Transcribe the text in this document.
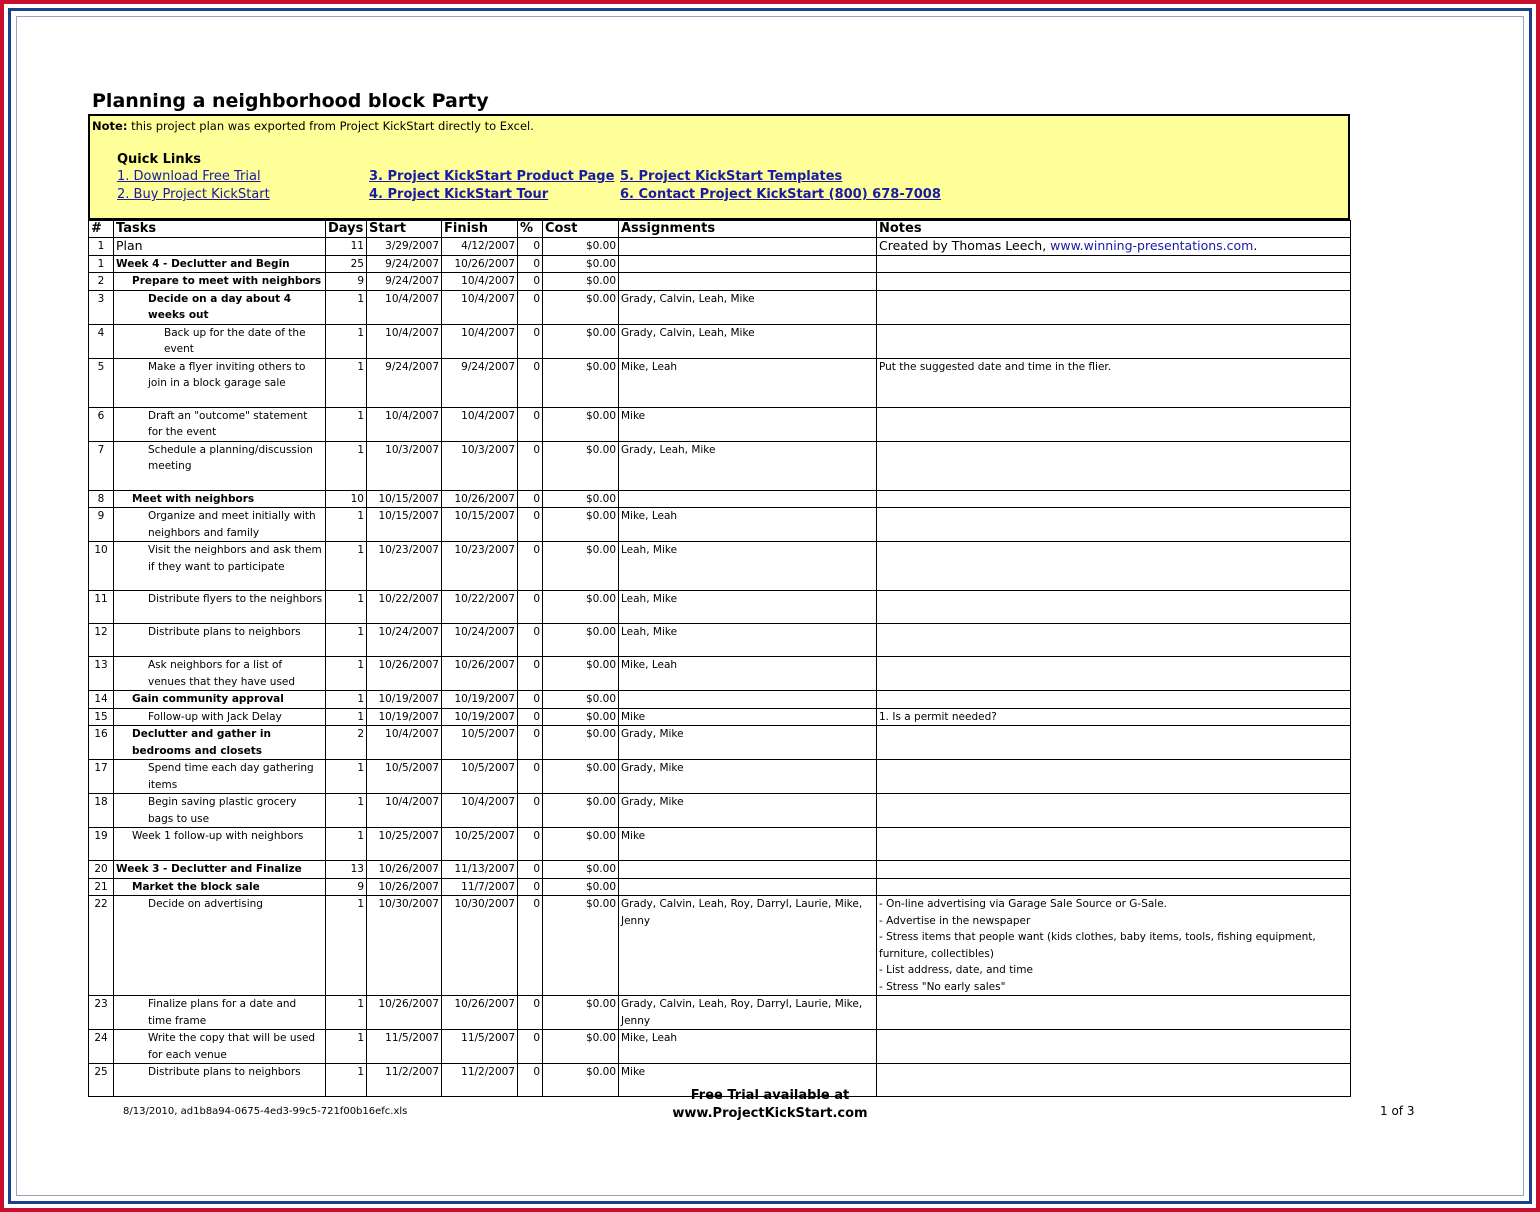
Planning a neighborhood block Party
Note: this project plan was exported from Project KickStart directly to Excel.
Quick Links
1. Download Free Trial
2. Buy Project KickStart
3. Project KickStart Product Page
4. Project KickStart Tour
5. Project KickStart Templates
6. Contact Project KickStart (800) 678-7008
#	Tasks	Days	Start	Finish	%	Cost	Assignments	Notes
1	Plan	11	3/29/2007	4/12/2007	0	$0.00		Created by Thomas Leech, www.winning-presentations.com.
1	Week 4 - Declutter and Begin	25	9/24/2007	10/26/2007	0	$0.00		
2	Prepare to meet with neighbors	9	9/24/2007	10/4/2007	0	$0.00		
3	Decide on a day about 4 weeks out	1	10/4/2007	10/4/2007	0	$0.00	Grady, Calvin, Leah, Mike	
4	Back up for the date of the event	1	10/4/2007	10/4/2007	0	$0.00	Grady, Calvin, Leah, Mike	
5	Make a flyer inviting others to join in a block garage sale	1	9/24/2007	9/24/2007	0	$0.00	Mike, Leah	Put the suggested date and time in the flier.
6	Draft an "outcome" statement for the event	1	10/4/2007	10/4/2007	0	$0.00	Mike	
7	Schedule a planning/discussion meeting	1	10/3/2007	10/3/2007	0	$0.00	Grady, Leah, Mike	
8	Meet with neighbors	10	10/15/2007	10/26/2007	0	$0.00		
9	Organize and meet initially with neighbors and family	1	10/15/2007	10/15/2007	0	$0.00	Mike, Leah	
10	Visit the neighbors and ask them if they want to participate	1	10/23/2007	10/23/2007	0	$0.00	Leah, Mike	
11	Distribute flyers to the neighbors	1	10/22/2007	10/22/2007	0	$0.00	Leah, Mike	
12	Distribute plans to neighbors	1	10/24/2007	10/24/2007	0	$0.00	Leah, Mike	
13	Ask neighbors for a list of venues that they have used	1	10/26/2007	10/26/2007	0	$0.00	Mike, Leah	
14	Gain community approval	1	10/19/2007	10/19/2007	0	$0.00		
15	Follow-up with Jack Delay	1	10/19/2007	10/19/2007	0	$0.00	Mike	1. Is a permit needed?
16	Declutter and gather in bedrooms and closets	2	10/4/2007	10/5/2007	0	$0.00	Grady, Mike	
17	Spend time each day gathering items	1	10/5/2007	10/5/2007	0	$0.00	Grady, Mike	
18	Begin saving plastic grocery bags to use	1	10/4/2007	10/4/2007	0	$0.00	Grady, Mike	
19	Week 1 follow-up with neighbors	1	10/25/2007	10/25/2007	0	$0.00	Mike	
20	Week 3 - Declutter and Finalize	13	10/26/2007	11/13/2007	0	$0.00		
21	Market the block sale	9	10/26/2007	11/7/2007	0	$0.00		
22	Decide on advertising	1	10/30/2007	10/30/2007	0	$0.00	Grady, Calvin, Leah, Roy, Darryl, Laurie, Mike, Jenny	- On-line advertising via Garage Sale Source or G-Sale.
- Advertise in the newspaper
- Stress items that people want (kids clothes, baby items, tools, fishing equipment, furniture, collectibles)
- List address, date, and time
- Stress "No early sales"
23	Finalize plans for a date and time frame	1	10/26/2007	10/26/2007	0	$0.00	Grady, Calvin, Leah, Roy, Darryl, Laurie, Mike, Jenny	
24	Write the copy that will be used for each venue	1	11/5/2007	11/5/2007	0	$0.00	Mike, Leah	
25	Distribute plans to neighbors	1	11/2/2007	11/2/2007	0	$0.00	Mike	
Free Trial available at
www.ProjectKickStart.com
8/13/2010, ad1b8a94-0675-4ed3-99c5-721f00b16efc.xls	1 of 3
